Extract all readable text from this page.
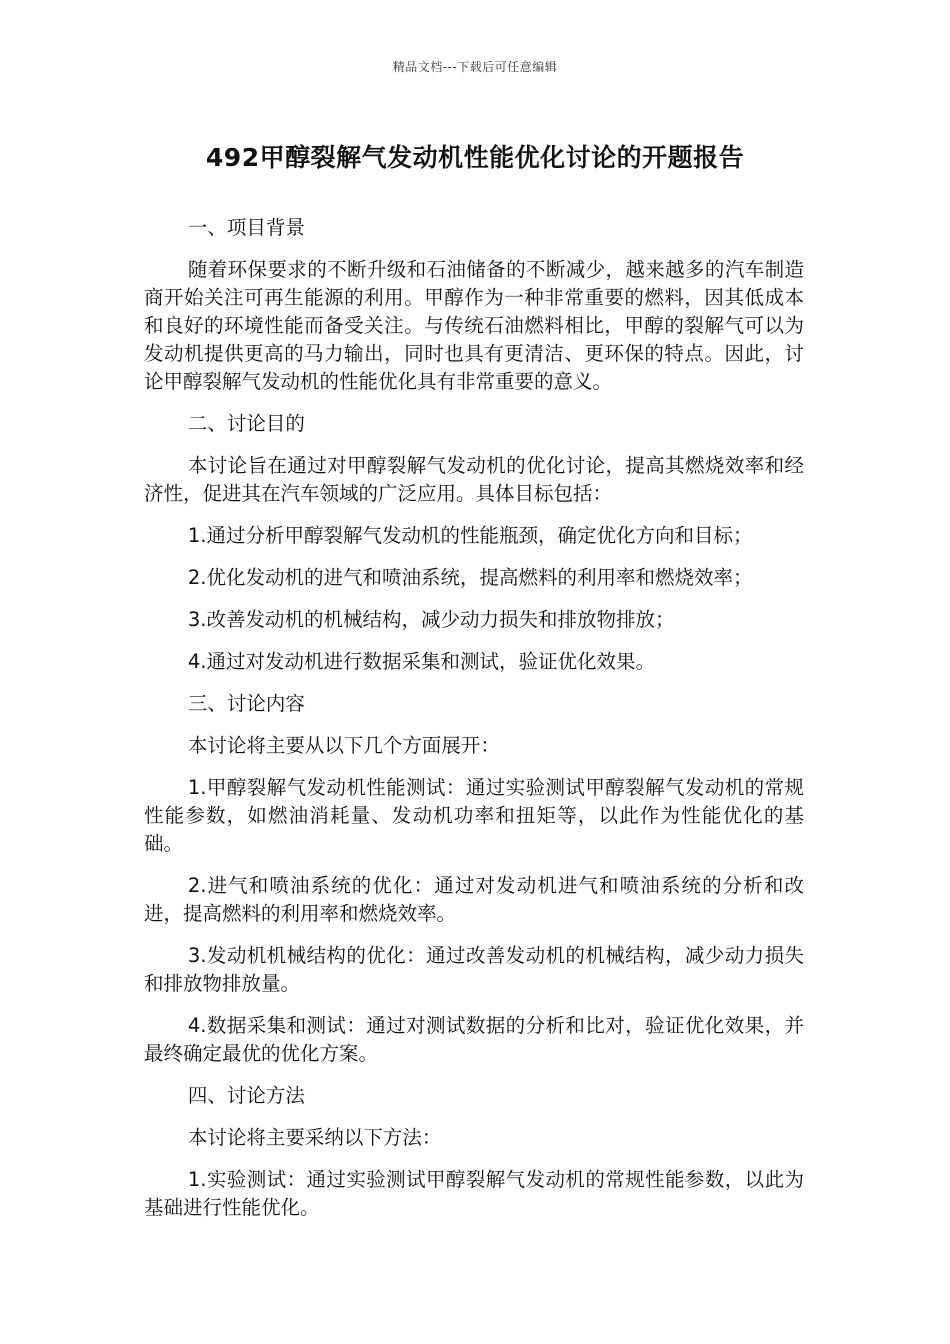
精品文档---下载后可任意编辑
492甲醇裂解气发动机性能优化讨论的开题报告

一、项目背景

随着环保要求的不断升级和石油储备的不断减少，越来越多的汽车制造商开始关注可再生能源的利用。甲醇作为一种非常重要的燃料，因其低成本和良好的环境性能而备受关注。与传统石油燃料相比，甲醇的裂解气可以为发动机提供更高的马力输出，同时也具有更清洁、更环保的特点。因此，讨论甲醇裂解气发动机的性能优化具有非常重要的意义。

二、讨论目的

本讨论旨在通过对甲醇裂解气发动机的优化讨论，提高其燃烧效率和经济性，促进其在汽车领域的广泛应用。具体目标包括：

1.通过分析甲醇裂解气发动机的性能瓶颈，确定优化方向和目标；

2.优化发动机的进气和喷油系统，提高燃料的利用率和燃烧效率；

3.改善发动机的机械结构，减少动力损失和排放物排放；

4.通过对发动机进行数据采集和测试，验证优化效果。

三、讨论内容

本讨论将主要从以下几个方面展开：

1.甲醇裂解气发动机性能测试：通过实验测试甲醇裂解气发动机的常规性能参数，如燃油消耗量、发动机功率和扭矩等，以此作为性能优化的基础。

2.进气和喷油系统的优化：通过对发动机进气和喷油系统的分析和改进，提高燃料的利用率和燃烧效率。

3.发动机机械结构的优化：通过改善发动机的机械结构，减少动力损失和排放物排放量。

4.数据采集和测试：通过对测试数据的分析和比对，验证优化效果，并最终确定最优的优化方案。

四、讨论方法

本讨论将主要采纳以下方法：

1.实验测试：通过实验测试甲醇裂解气发动机的常规性能参数，以此为基础进行性能优化。
